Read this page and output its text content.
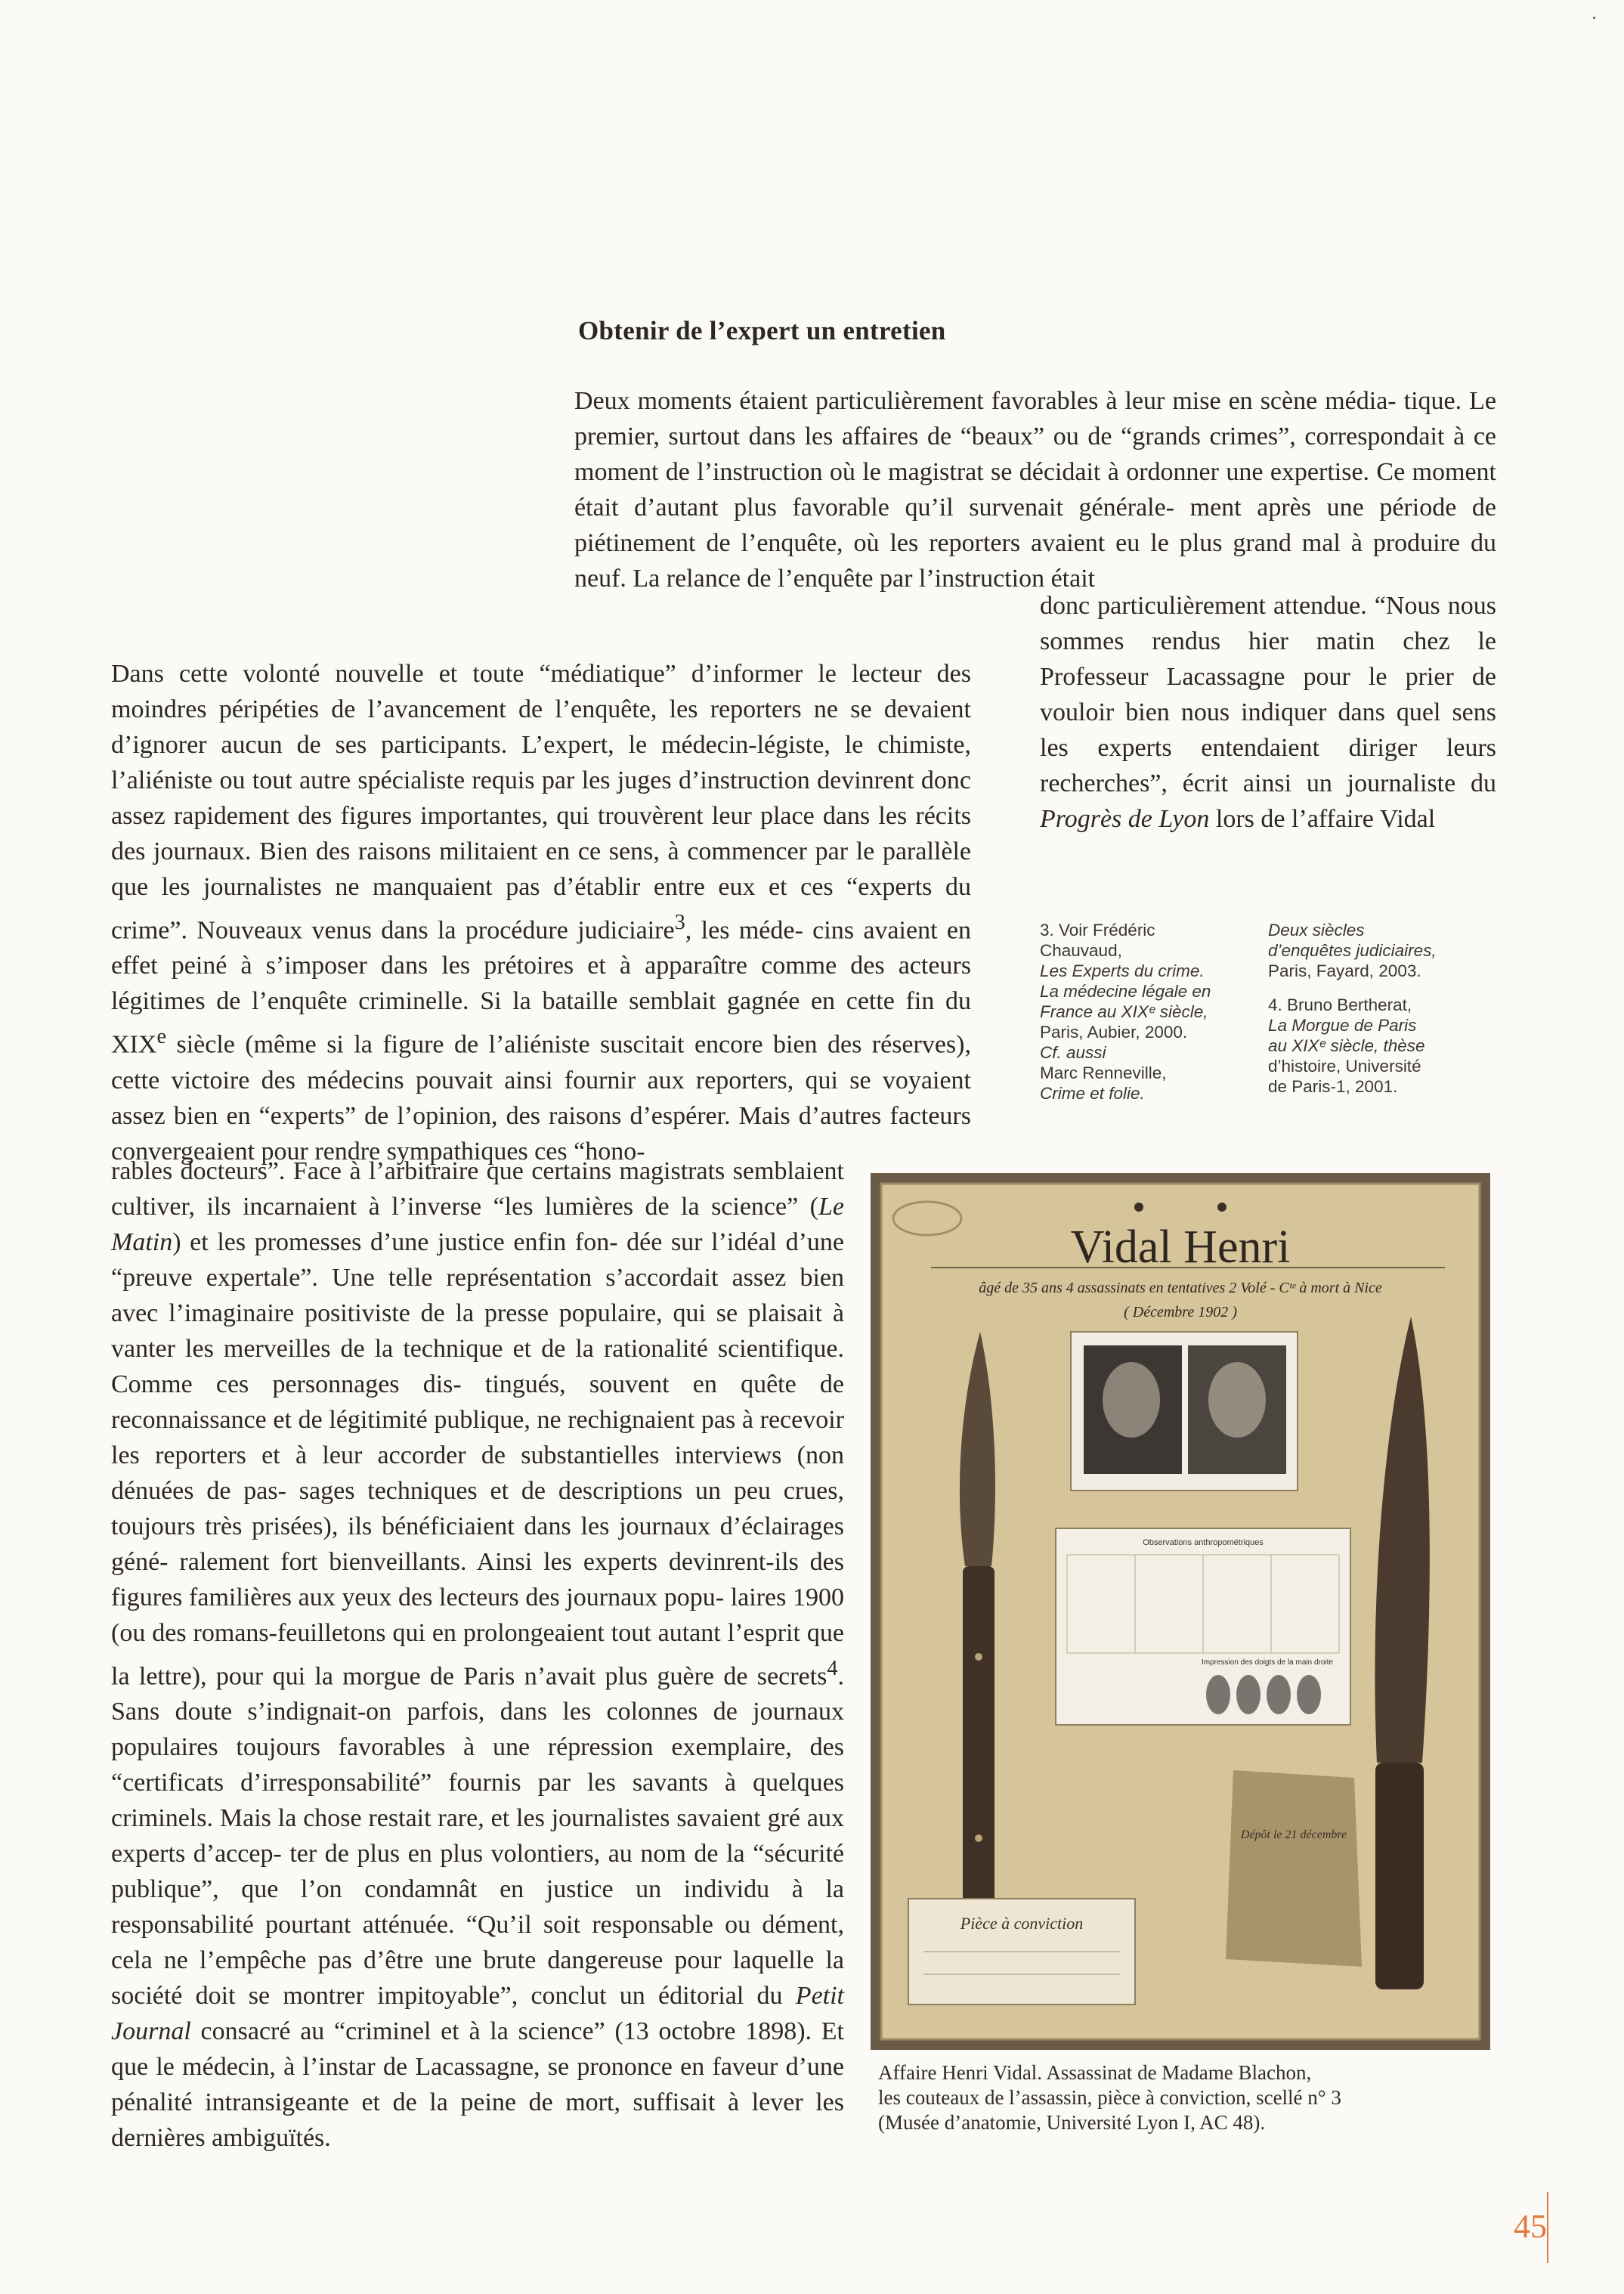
Obtenir de l’expert un entretien

Deux moments étaient particulièrement favorables à leur mise en scène média- tique. Le premier, surtout dans les affaires de “beaux” ou de “grands crimes”, correspondait à ce moment de l’instruction où le magistrat se décidait à ordonner une expertise. Ce moment était d’autant plus favorable qu’il survenait générale- ment après une période de piétinement de l’enquête, où les reporters avaient eu le plus grand mal à produire du neuf. La relance de l’enquête par l’instruction était

donc particulièrement attendue. “Nous nous sommes rendus hier matin chez le Professeur Lacassagne pour le prier de vouloir bien nous indiquer dans quel sens les experts entendaient diriger leurs recherches”, écrit ainsi un journaliste du Progrès de Lyon lors de l’affaire Vidal

Dans cette volonté nouvelle et toute “médiatique” d’informer le lecteur des moindres péripéties de l’avancement de l’enquête, les reporters ne se devaient d’ignorer aucun de ses participants. L’expert, le médecin-légiste, le chimiste, l’aliéniste ou tout autre spécialiste requis par les juges d’instruction devinrent donc assez rapidement des figures importantes, qui trouvèrent leur place dans les récits des journaux. Bien des raisons militaient en ce sens, à commencer par le parallèle que les journalistes ne manquaient pas d’établir entre eux et ces “experts du crime”. Nouveaux venus dans la procédure judiciaire$^3$, les méde- cins avaient en effet peiné à s’imposer dans les prétoires et à apparaître comme des acteurs légitimes de l’enquête criminelle. Si la bataille semblait gagnée en cette fin du XIXe siècle (même si la figure de l’aliéniste suscitait encore bien des réserves), cette victoire des médecins pouvait ainsi fournir aux reporters, qui se voyaient assez bien en “experts” de l’opinion, des raisons d’espérer. Mais d’autres facteurs convergeaient pour rendre sympathiques ces “hono-

rables docteurs”. Face à l’arbitraire que certains magistrats semblaient cultiver, ils incarnaient à l’inverse “les lumières de la science” (Le Matin) et les promesses d’une justice enfin fon- dée sur l’idéal d’une “preuve expertale”. Une telle représentation s’accordait assez bien avec l’imaginaire positiviste de la presse populaire, qui se plaisait à vanter les merveilles de la technique et de la rationalité scientifique. Comme ces personnages dis- tingués, souvent en quête de reconnaissance et de légitimité publique, ne rechignaient pas à recevoir les reporters et à leur accorder de substantielles interviews (non dénuées de pas- sages techniques et de descriptions un peu crues, toujours très prisées), ils bénéficiaient dans les journaux d’éclairages géné- ralement fort bienveillants. Ainsi les experts devinrent-ils des figures familières aux yeux des lecteurs des journaux popu- laires 1900 (ou des romans-feuilletons qui en prolongeaient tout autant l’esprit que la lettre), pour qui la morgue de Paris n’avait plus guère de secrets$^4$. Sans doute s’indignait-on parfois, dans les colonnes de journaux populaires toujours favorables à une répression exemplaire, des “certificats d’irresponsabilité” fournis par les savants à quelques criminels. Mais la chose restait rare, et les journalistes savaient gré aux experts d’accep- ter de plus en plus volontiers, au nom de la “sécurité publique”, que l’on condamnât en justice un individu à la responsabilité pourtant atténuée. “Qu’il soit responsable ou dément, cela ne l’empêche pas d’être une brute dangereuse pour laquelle la société doit se montrer impitoyable”, conclut un éditorial du Petit Journal consacré au “criminel et à la science” (13 octobre 1898). Et que le médecin, à l’instar de Lacassagne, se prononce en faveur d’une pénalité intransigeante et de la peine de mort, suffisait à lever les dernières ambiguïtés.

3. Voir Frédéric
Chauvaud,
Les Experts du crime.
La médecine légale en
France au XIXᵉ siècle,
Paris, Aubier, 2000.
Cf. aussi
Marc Renneville,
Crime et folie.
Deux siècles
d’enquêtes judiciaires,
Paris, Fayard, 2003.
4. Bruno Bertherat,
La Morgue de Paris
au XIXᵉ siècle, thèse
d’histoire, Université
de Paris-1, 2001.
Vidal Henri
âgé de 35 ans 4 assassinats en tentatives 2 Volé - Cᵗᵉ à mort à Nice
( Décembre 1902 )
Observations anthropométriques
Impression des doigts de la main droite
Pièce à conviction
Dépôt le 21 décembre
Affaire Henri Vidal. Assassinat de Madame Blachon,
les couteaux de l’assassin, pièce à conviction, scellé n° 3
(Musée d’anatomie, Université Lyon I, AC 48).
45
